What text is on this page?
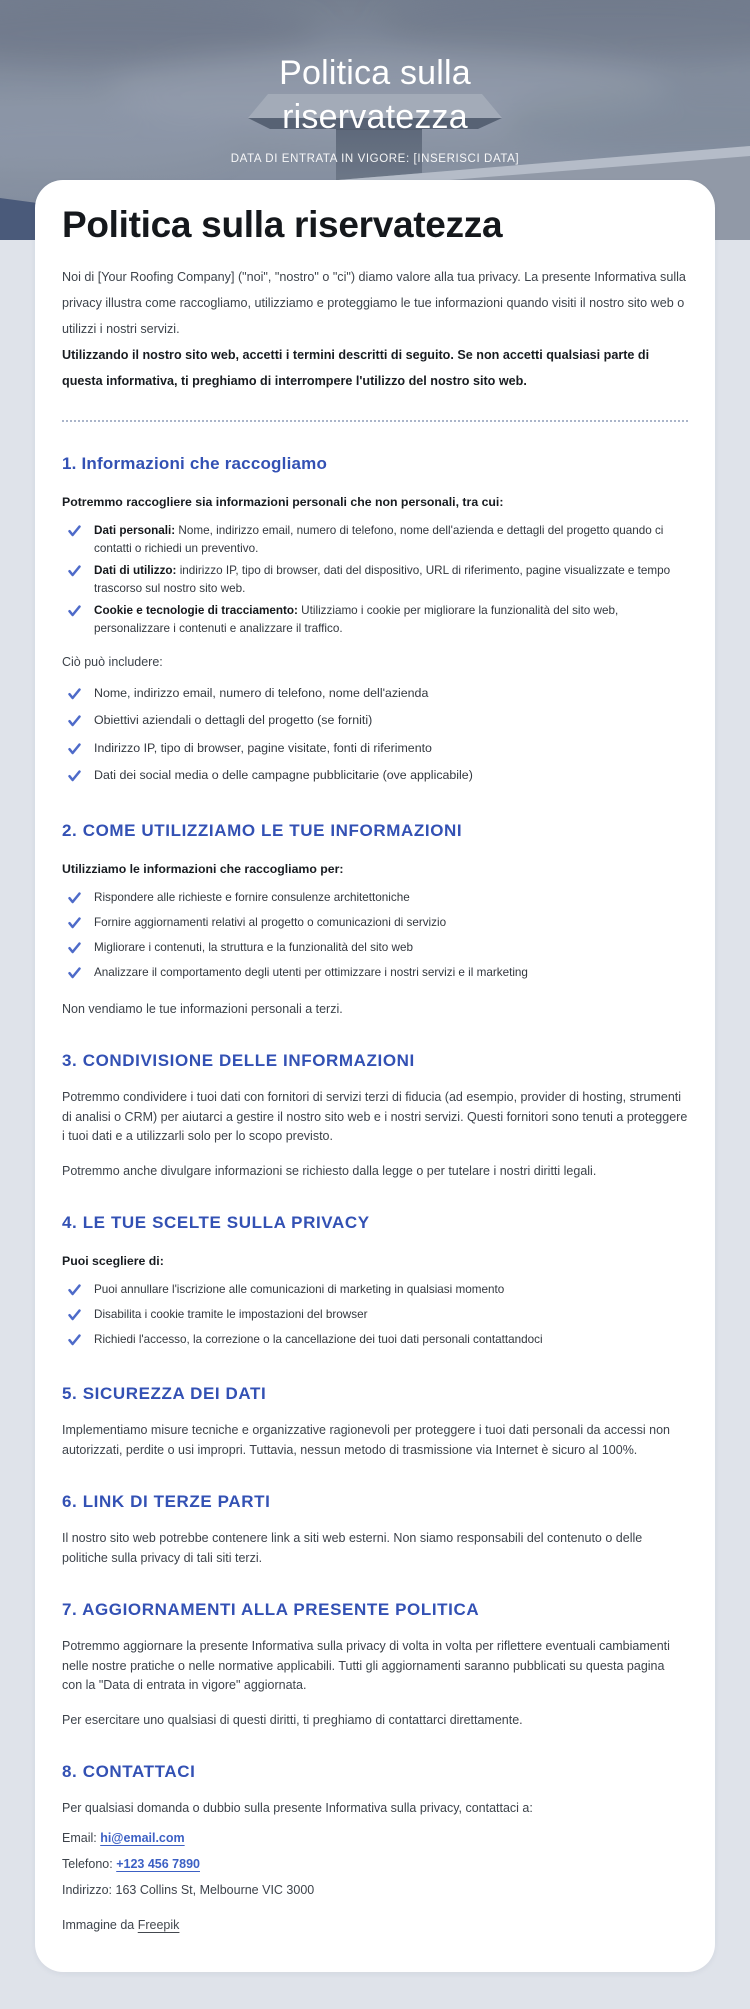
Politica sulla riservatezza
DATA DI ENTRATA IN VIGORE: [INSERISCI DATA]
Politica sulla riservatezza

Noi di [Your Roofing Company] ("noi", "nostro" o "ci") diamo valore alla tua privacy. La presente Informativa sulla privacy illustra come raccogliamo, utilizziamo e proteggiamo le tue informazioni quando visiti il nostro sito web o utilizzi i nostri servizi.

Utilizzando il nostro sito web, accetti i termini descritti di seguito. Se non accetti qualsiasi parte di questa informativa, ti preghiamo di interrompere l'utilizzo del nostro sito web.

1. Informazioni che raccogliamo

Potremmo raccogliere sia informazioni personali che non personali, tra cui:

Dati personali: Nome, indirizzo email, numero di telefono, nome dell'azienda e dettagli del progetto quando ci contatti o richiedi un preventivo.
Dati di utilizzo: indirizzo IP, tipo di browser, dati del dispositivo, URL di riferimento, pagine visualizzate e tempo trascorso sul nostro sito web.
Cookie e tecnologie di tracciamento: Utilizziamo i cookie per migliorare la funzionalità del sito web, personalizzare i contenuti e analizzare il traffico.

Ciò può includere:

Nome, indirizzo email, numero di telefono, nome dell'azienda
Obiettivi aziendali o dettagli del progetto (se forniti)
Indirizzo IP, tipo di browser, pagine visitate, fonti di riferimento
Dati dei social media o delle campagne pubblicitarie (ove applicabile)
2. COME UTILIZZIAMO LE TUE INFORMAZIONI

Utilizziamo le informazioni che raccogliamo per:

Rispondere alle richieste e fornire consulenze architettoniche
Fornire aggiornamenti relativi al progetto o comunicazioni di servizio
Migliorare i contenuti, la struttura e la funzionalità del sito web
Analizzare il comportamento degli utenti per ottimizzare i nostri servizi e il marketing

Non vendiamo le tue informazioni personali a terzi.

3. CONDIVISIONE DELLE INFORMAZIONI

Potremmo condividere i tuoi dati con fornitori di servizi terzi di fiducia (ad esempio, provider di hosting, strumenti di analisi o CRM) per aiutarci a gestire il nostro sito web e i nostri servizi. Questi fornitori sono tenuti a proteggere i tuoi dati e a utilizzarli solo per lo scopo previsto.

Potremmo anche divulgare informazioni se richiesto dalla legge o per tutelare i nostri diritti legali.

4. LE TUE SCELTE SULLA PRIVACY

Puoi scegliere di:

Puoi annullare l'iscrizione alle comunicazioni di marketing in qualsiasi momento
Disabilita i cookie tramite le impostazioni del browser
Richiedi l'accesso, la correzione o la cancellazione dei tuoi dati personali contattandoci
5. SICUREZZA DEI DATI

Implementiamo misure tecniche e organizzative ragionevoli per proteggere i tuoi dati personali da accessi non autorizzati, perdite o usi impropri. Tuttavia, nessun metodo di trasmissione via Internet è sicuro al 100%.

6. LINK DI TERZE PARTI

Il nostro sito web potrebbe contenere link a siti web esterni. Non siamo responsabili del contenuto o delle politiche sulla privacy di tali siti terzi.

7. AGGIORNAMENTI ALLA PRESENTE POLITICA

Potremmo aggiornare la presente Informativa sulla privacy di volta in volta per riflettere eventuali cambiamenti nelle nostre pratiche o nelle normative applicabili. Tutti gli aggiornamenti saranno pubblicati su questa pagina con la "Data di entrata in vigore" aggiornata.

Per esercitare uno qualsiasi di questi diritti, ti preghiamo di contattarci direttamente.

8. CONTATTACI

Per qualsiasi domanda o dubbio sulla presente Informativa sulla privacy, contattaci a:

Email: hi@email.com
Telefono: +123 456 7890
Indirizzo: 163 Collins St, Melbourne VIC 3000

Immagine da Freepik
